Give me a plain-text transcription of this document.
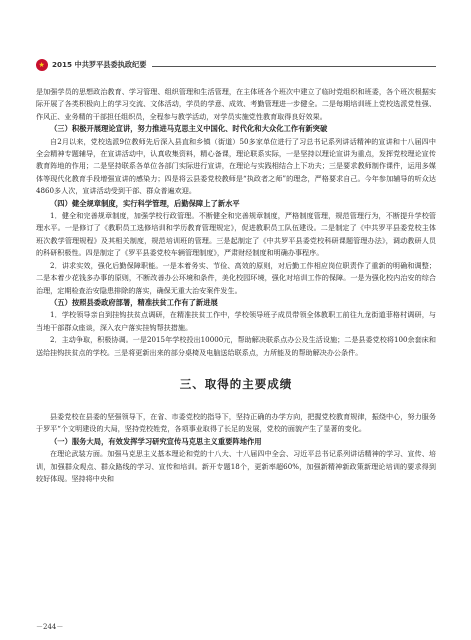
★
2015 中共罗平县委执政纪要

是加强学员的思想政治教育、学习管理、组织管理和生活管理，在主体班各个班次中建立了临时党组织和班委，各个班次根据实际开展了各类积极向上的学习交流、文体活动，学员的学意、成效、考勤管理进一步健全。二是每期培训班上党校选派党性强、作风正、业务精的干部担任组织员，全程参与教学活动，对学员实施党性教育取得良好效果。

（三）积极开展理论宣讲，努力推进马克思主义中国化、时代化和大众化工作有新突破

自2月以来，党校选派9位教师先后深入县直和乡镇（街道）50多家单位进行了习总书记系列讲话精神的宣讲和十八届四中全会精神专题辅导，在宣讲活动中，认真收集资料，精心备课，理论联系实际，一是坚持以理论宣讲为重点，发挥党校理论宣传教育阵地的作用；二是坚持联系各单位各部门实际进行宣讲，在理论与实践相结合上下功夫；三是要求教师制作课件，运用多媒体等现代化教育手段增强宣讲的感染力；四是将云县委党校教师是“执政者之师”的理念，严格要求自己。今年参加辅导的听众达4860多人次，宣讲活动受到干部、群众普遍欢迎。

（四）健全规章制度，实行科学管理，后勤保障上了新水平

1．健全和完善规章制度，加强学校行政管理。不断健全和完善规章制度，严格制度管理，规范管理行为，不断提升学校管理水平。一是修订了《教职员工选修培训和学历教育管理规定》，促进教职员工队伍建设。二是制定了《中共罗平县委党校主体班次教学管理规程》及其相关制度，规范培训班的管理。三是起制定了《中共罗平县委党校科研课题管理办法》，调动教研人员的科研积极性。四是制定了《罗平县委党校车辆管理制度》，严肃财经制度和明确办事程序。

2．讲求实效，强化后勤保障职能。一是本着务实、节俭、高效的原则，对后勤工作相应岗位职责作了重新的明确和调整；二是本着少花钱多办事的原则，不断改善办公环境和条件，美化校园环境，强化对培训工作的保障。一是为强化校内治安的综合治理，定期检查治安隐患排除的落实，确保无重大治安案件发生。

（五）按照县委政府部署，精准扶贫工作有了新进展

1．学校领导亲自到挂钩扶贫点调研，在精准扶贫工作中，学校领导班子成员带领全体教职工前往九龙街道菲格村调研，与当地干部群众座谈，深入农户落实挂钩帮扶措施。

2．主动争取，积极协调。一是2015年学校投出10000元，帮助解决联系点办公及生活设施；二是县委党校将100余套床和送给挂钩扶贫点的学校。三是将更新出来的部分桌椅及电脑送给联系点，力所能及的帮助解决办公条件。

三、取得的主要成绩

县委党校在县委的坚强领导下，在省、市委党校的指导下，坚持正确的办学方向，把握党校教育规律，振绕中心，努力服务于罗平“个文明建设的大局，坚持党校姓党，各项事业取得了长足的发展，党校的面貌产生了显著的变化。

（一）服务大局，有效发挥学习研究宣传马克思主义重要阵地作用

在理论武装方面。加强马克思主义基本理论和党的十八大、十八届四中全会、习近平总书记系列讲话精神的学习、宣传、培训，加强群众观点、群众路线的学习、宣传和培训。新开专题18个，更新率超60%，加强新精神新政策新理论培训的要求得到较好体现。坚持将中央和

－244－
